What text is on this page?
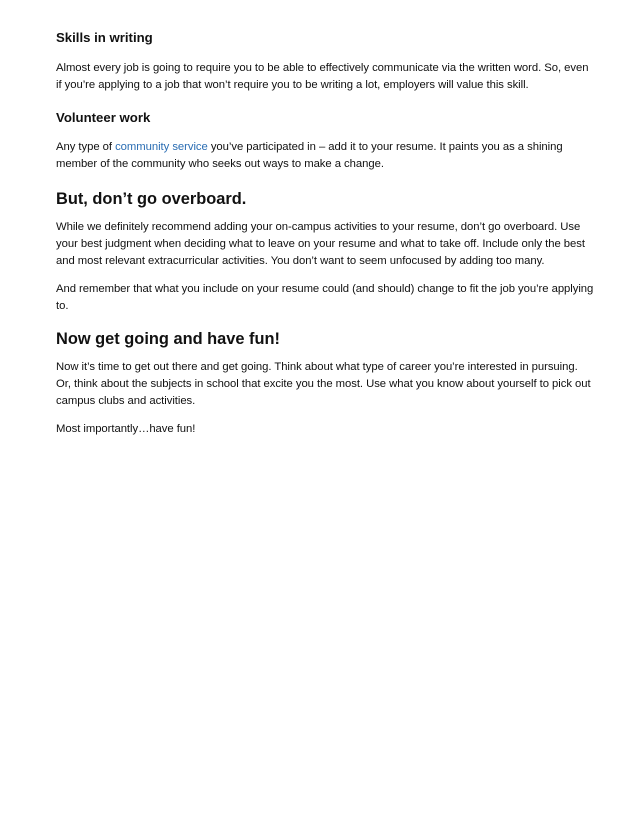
Skills in writing

Almost every job is going to require you to be able to effectively communicate via the written word. So, even if you’re applying to a job that won’t require you to be writing a lot, employers will value this skill.

Volunteer work

Any type of community service you’ve participated in – add it to your resume. It paints you as a shining member of the community who seeks out ways to make a change.

But, don’t go overboard.

While we definitely recommend adding your on-campus activities to your resume, don’t go overboard. Use your best judgment when deciding what to leave on your resume and what to take off. Include only the best and most relevant extracurricular activities. You don’t want to seem unfocused by adding too many.

And remember that what you include on your resume could (and should) change to fit the job you’re applying to.

Now get going and have fun!

Now it’s time to get out there and get going. Think about what type of career you’re interested in pursuing. Or, think about the subjects in school that excite you the most. Use what you know about yourself to pick out campus clubs and activities.

Most importantly…have fun!
